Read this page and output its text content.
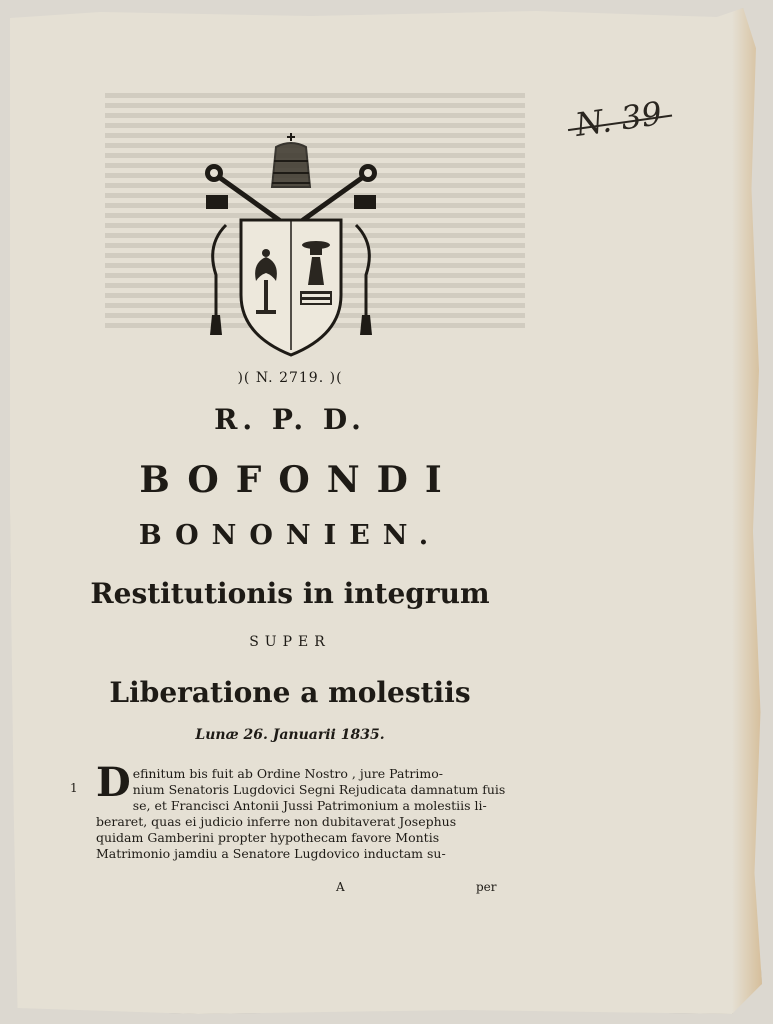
N. 39
)( N. 2719. )(
R. P. D.
BOFONDI
BONONIEN.
Restitutionis in integrum
SUPER
Liberatione a molestiis
Lunæ 26. Januarii 1835.
1 D efinitum bis fuit ab Ordine Nostro , jure Patrimo-
nium Senatoris Lugdovici Segni Rejudicata damnatum fuis
se, et Francisci Antonii Jussi Patrimonium a molestiis li-
beraret, quas ei judicio inferre non dubitaverat Josephus
quidam Gamberini propter hypothecam favore Montis
Matrimonio jamdiu a Senatore Lugdovico inductam su-
A	per
